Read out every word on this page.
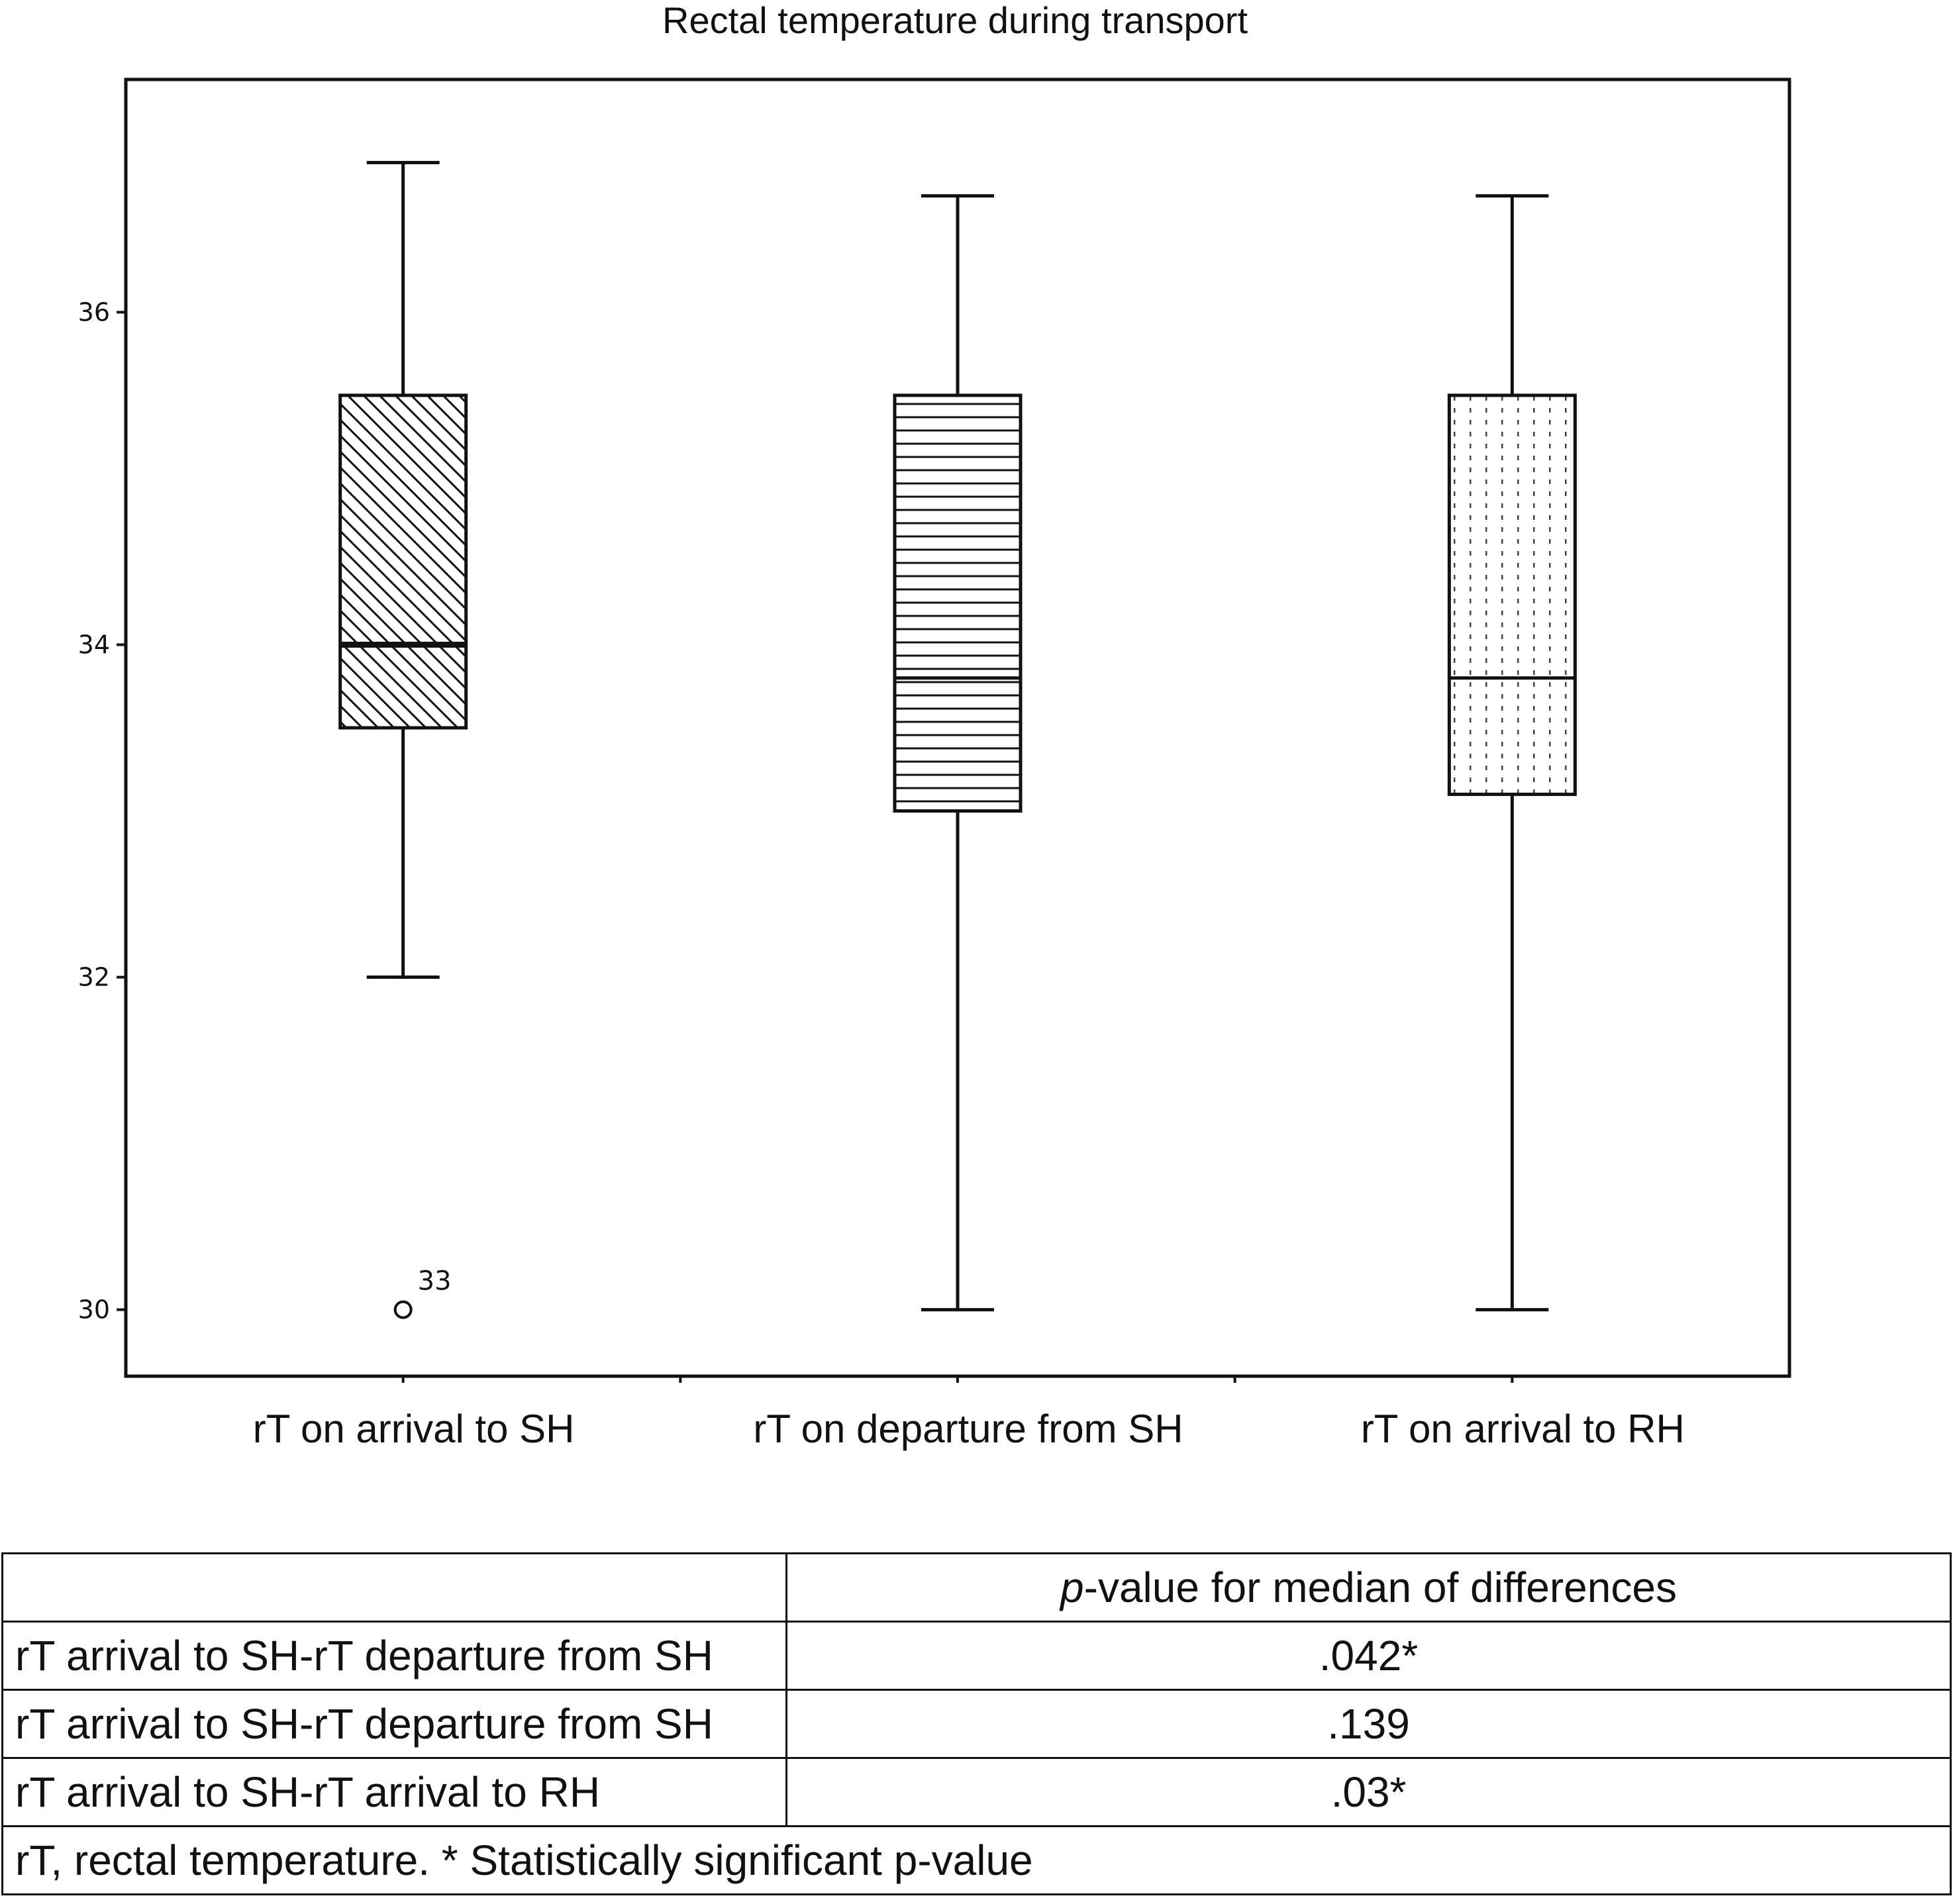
Rectal temperature during transport
30
32
34
36
rT on arrival to SH	rT on departure from SH	rT on arrival to RH
33
	p-value for median of differences
rT arrival to SH-rT departure from SH	.042*
rT arrival to SH-rT departure from SH	.139
rT arrival to SH-rT arrival to RH	.03*
rT, rectal temperature. * Statistically significant p-value	
